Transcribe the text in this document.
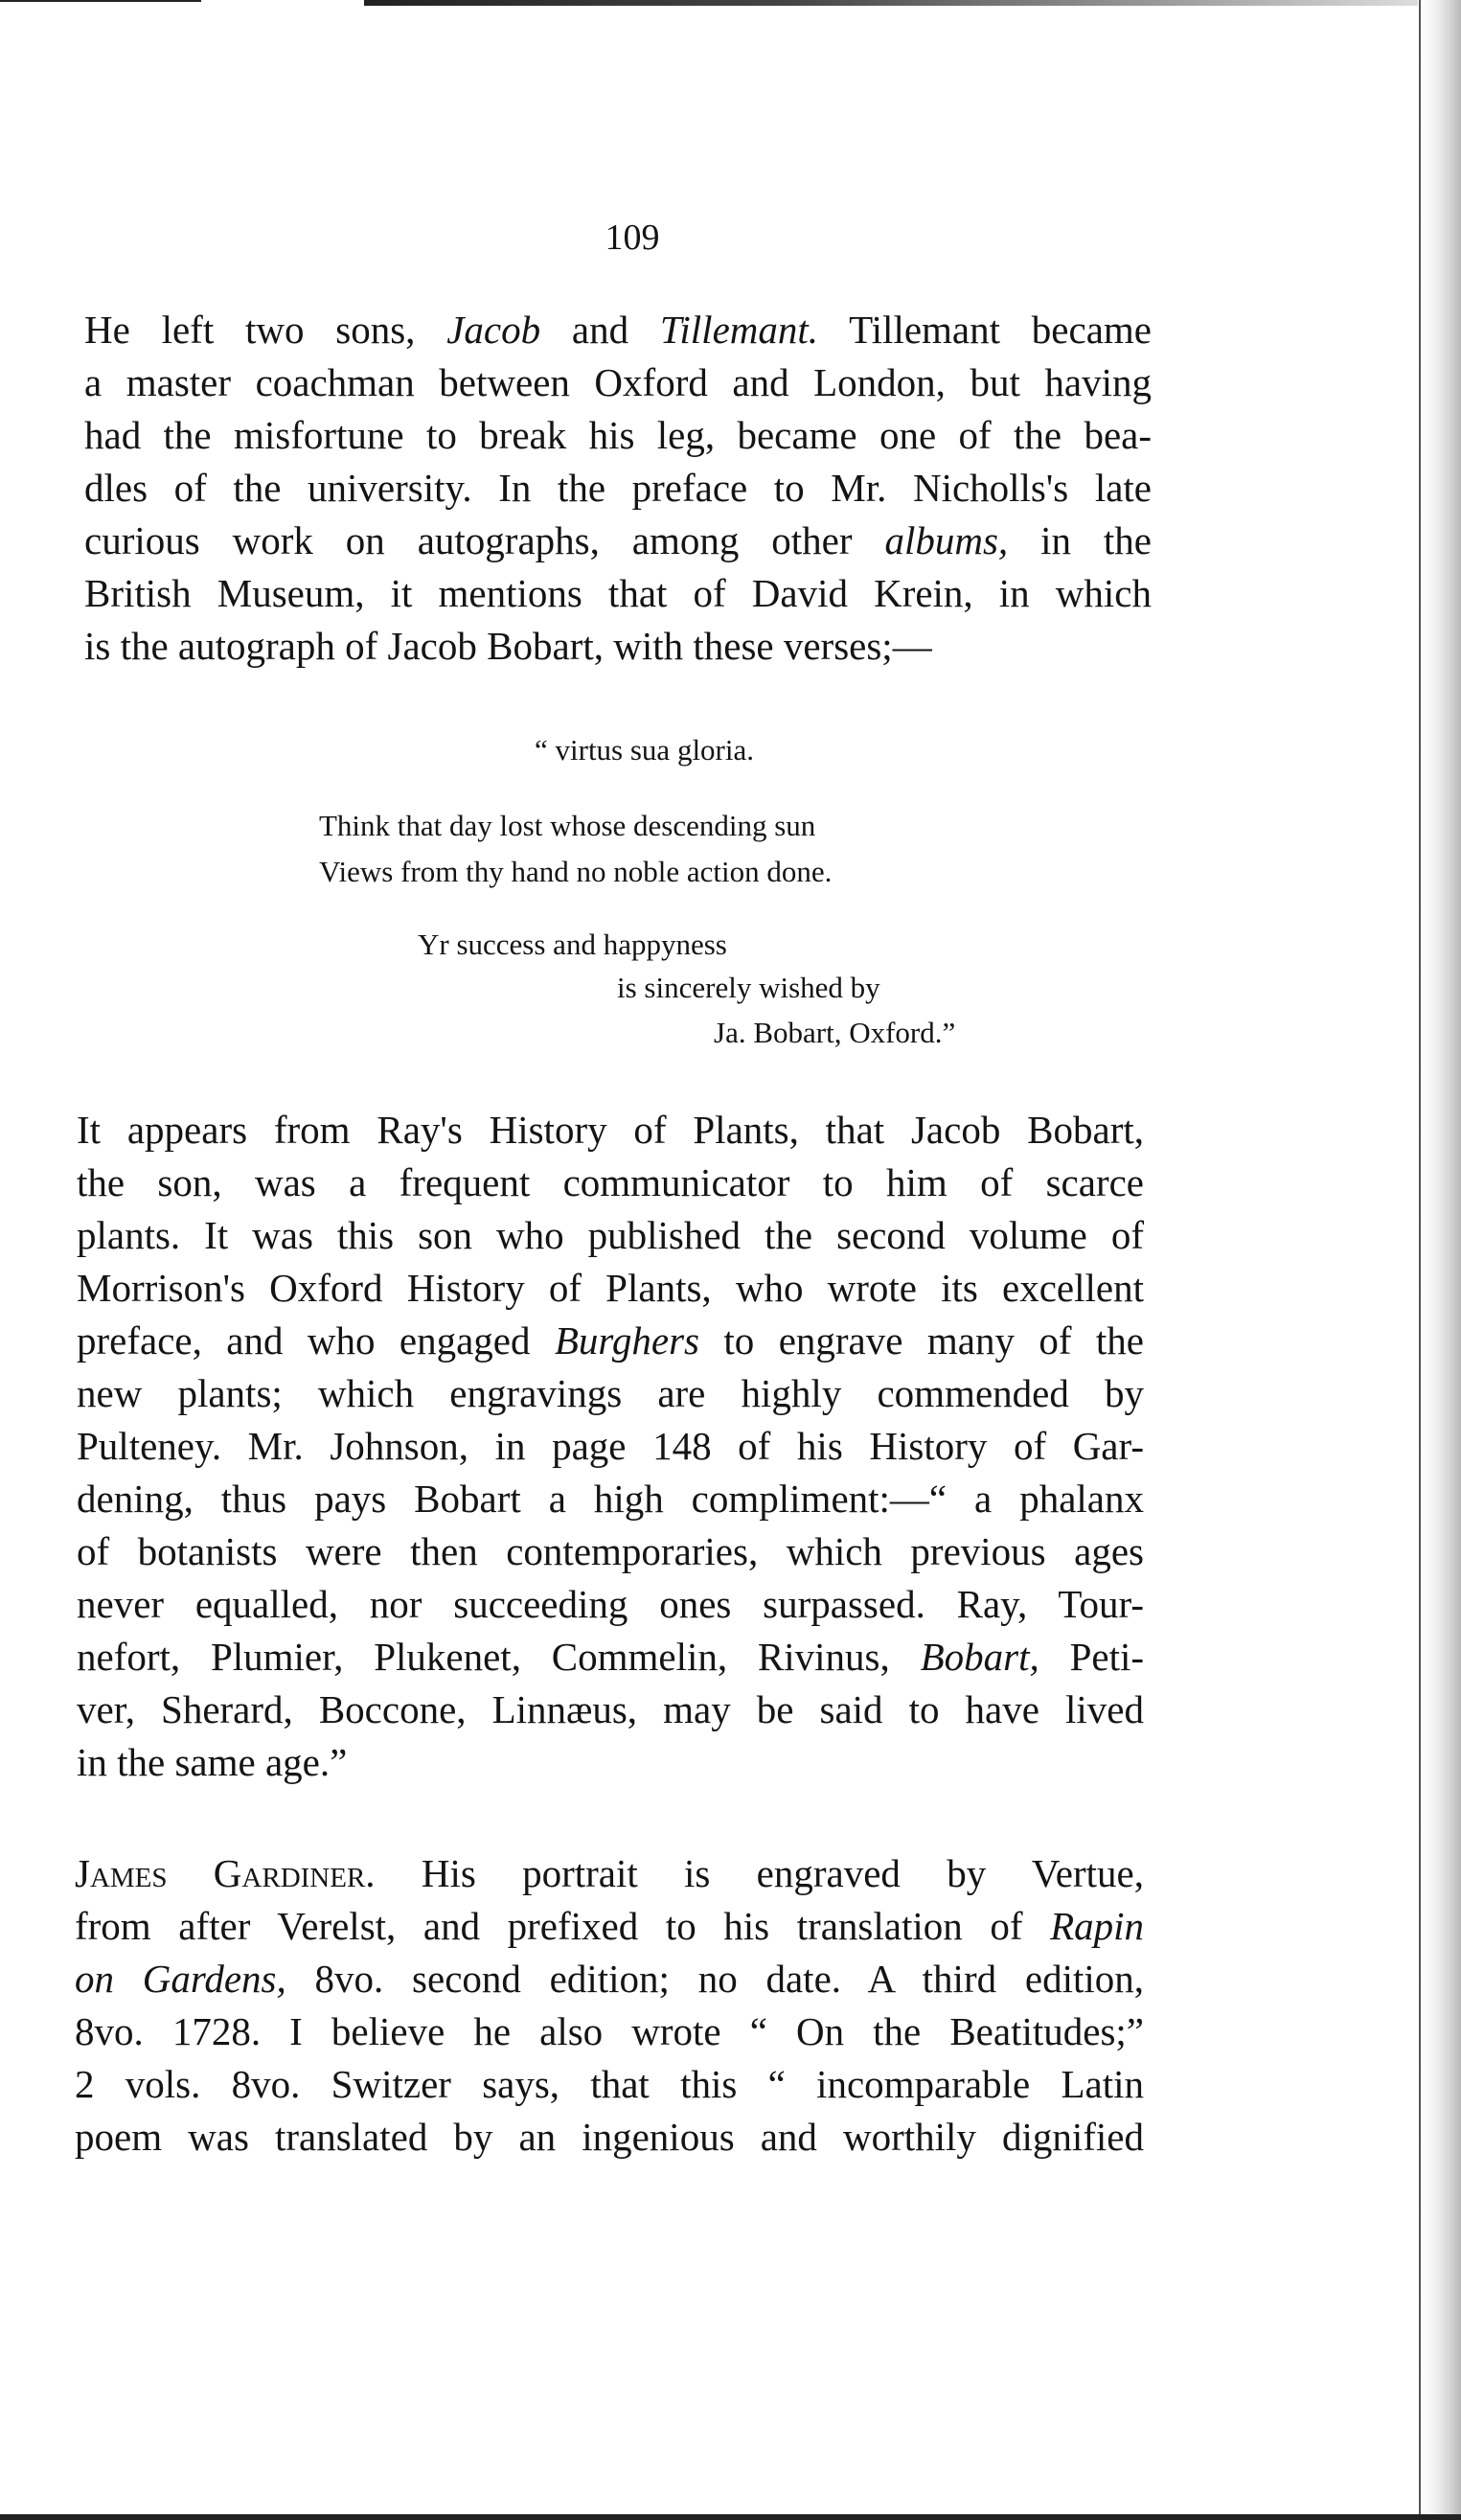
109

He left two sons, Jacob and Tillemant. Tillemant became
a master coachman between Oxford and London, but having
had the misfortune to break his leg, became one of the bea-
dles of the university. In the preface to Mr. Nicholls's late
curious work on autographs, among other albums, in the
British Museum, it mentions that of David Krein, in which
is the autograph of Jacob Bobart, with these verses;—

“ virtus sua gloria.

Think that day lost whose descending sun

Views from thy hand no noble action done.

Yr success and happyness

is sincerely wished by

Ja. Bobart, Oxford.”

It appears from Ray's History of Plants, that Jacob Bobart,
the son, was a frequent communicator to him of scarce
plants. It was this son who published the second volume of
Morrison's Oxford History of Plants, who wrote its excellent
preface, and who engaged Burghers to engrave many of the
new plants; which engravings are highly commended by
Pulteney. Mr. Johnson, in page 148 of his History of Gar-
dening, thus pays Bobart a high compliment:—“ a phalanx
of botanists were then contemporaries, which previous ages
never equalled, nor succeeding ones surpassed. Ray, Tour-
nefort, Plumier, Plukenet, Commelin, Rivinus, Bobart, Peti-
ver, Sherard, Boccone, Linnæus, may be said to have lived
in the same age.”

James Gardiner. His portrait is engraved by Vertue,
from after Verelst, and prefixed to his translation of Rapin
on Gardens, 8vo. second edition; no date. A third edition,
8vo. 1728. I believe he also wrote “ On the Beatitudes;”
2 vols. 8vo. Switzer says, that this “ incomparable Latin
poem was translated by an ingenious and worthily dignified
